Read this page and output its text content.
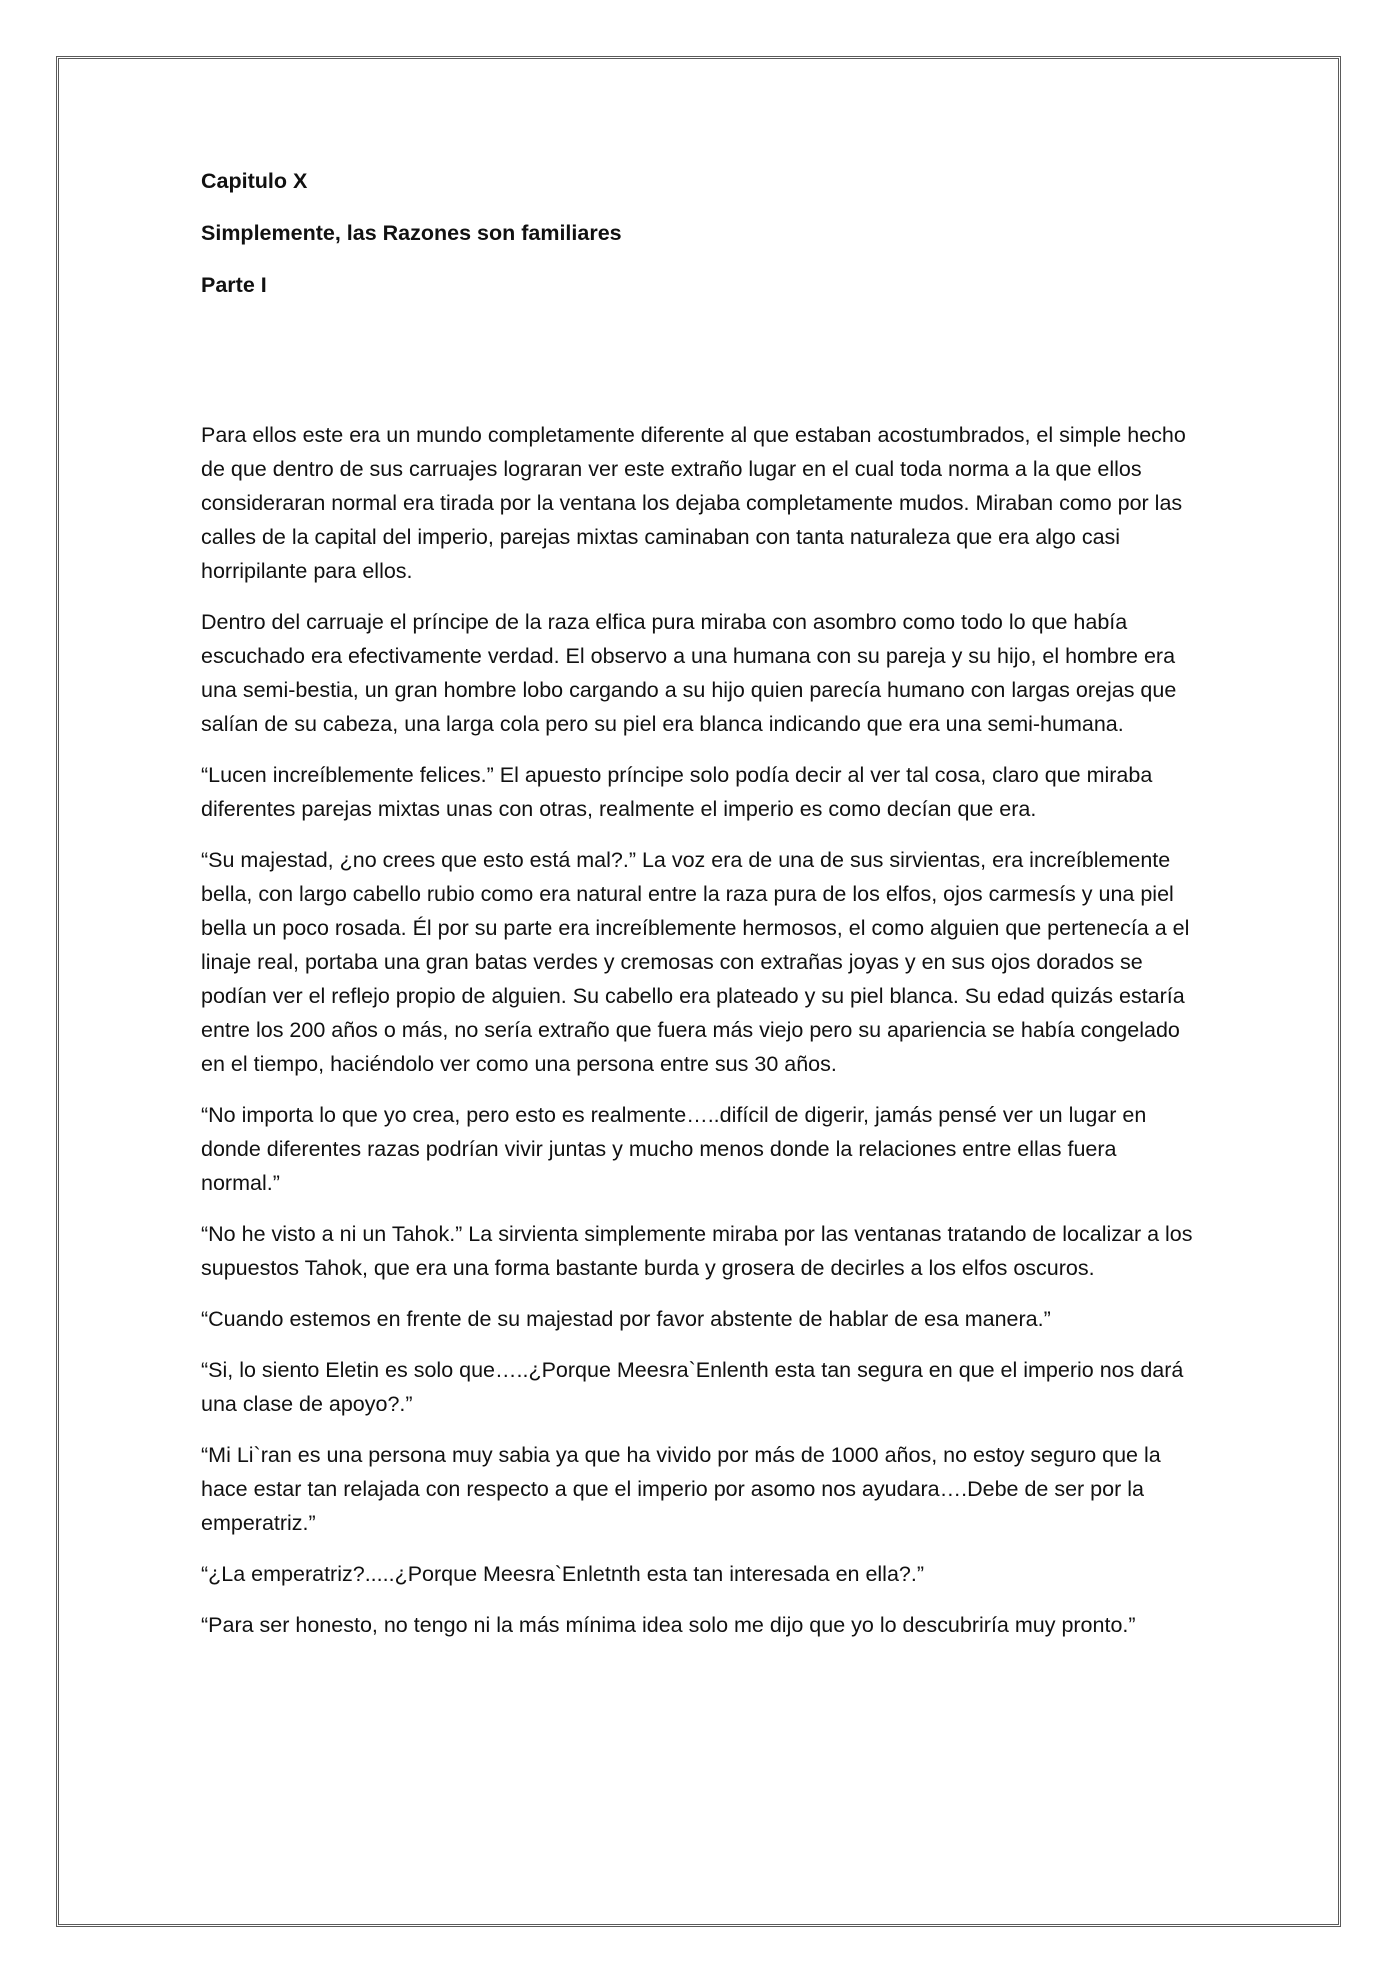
Capitulo X
Simplemente, las Razones son familiares
Parte I

Para ellos este era un mundo completamente diferente al que estaban acostumbrados, el simple hecho de que dentro de sus carruajes lograran ver este extraño lugar en el cual toda norma a la que ellos consideraran normal era tirada por la ventana los dejaba completamente mudos. Miraban como por las calles de la capital del imperio, parejas mixtas caminaban con tanta naturaleza que era algo casi horripilante para ellos.

Dentro del carruaje el príncipe de la raza elfica pura miraba con asombro como todo lo que había escuchado era efectivamente verdad. El observo a una humana con su pareja y su hijo, el hombre era una semi-bestia, un gran hombre lobo cargando a su hijo quien parecía humano con largas orejas que salían de su cabeza, una larga cola pero su piel era blanca indicando que era una semi-humana.

“Lucen increíblemente felices.” El apuesto príncipe solo podía decir al ver tal cosa, claro que miraba diferentes parejas mixtas unas con otras, realmente el imperio es como decían que era.

“Su majestad, ¿no crees que esto está mal?.” La voz era de una de sus sirvientas, era increíblemente bella, con largo cabello rubio como era natural entre la raza pura de los elfos, ojos carmesís y una piel bella un poco rosada. Él por su parte era increíblemente hermosos, el como alguien que pertenecía a el linaje real, portaba una gran batas verdes y cremosas con extrañas joyas y en sus ojos dorados se podían ver el reflejo propio de alguien. Su cabello era plateado y su piel blanca. Su edad quizás estaría entre los 200 años o más, no sería extraño que fuera más viejo pero su apariencia se había congelado en el tiempo, haciéndolo ver como una persona entre sus 30 años.

“No importa lo que yo crea, pero esto es realmente…..difícil de digerir, jamás pensé ver un lugar en donde diferentes razas podrían vivir juntas y mucho menos donde la relaciones entre ellas fuera normal.”

“No he visto a ni un Tahok.” La sirvienta simplemente miraba por las ventanas tratando de localizar a los supuestos Tahok, que era una forma bastante burda y grosera de decirles a los elfos oscuros.

“Cuando estemos en frente de su majestad por favor abstente de hablar de esa manera.”

“Si, lo siento Eletin es solo que…..¿Porque Meesra`Enlenth esta tan segura en que el imperio nos dará una clase de apoyo?.”

“Mi Li`ran es una persona muy sabia ya que ha vivido por más de 1000 años, no estoy seguro que la hace estar tan relajada con respecto a que el imperio por asomo nos ayudara….Debe de ser por la emperatriz.”

“¿La emperatriz?.....¿Porque Meesra`Enletnth esta tan interesada en ella?.”

“Para ser honesto, no tengo ni la más mínima idea solo me dijo que yo lo descubriría muy pronto.”
